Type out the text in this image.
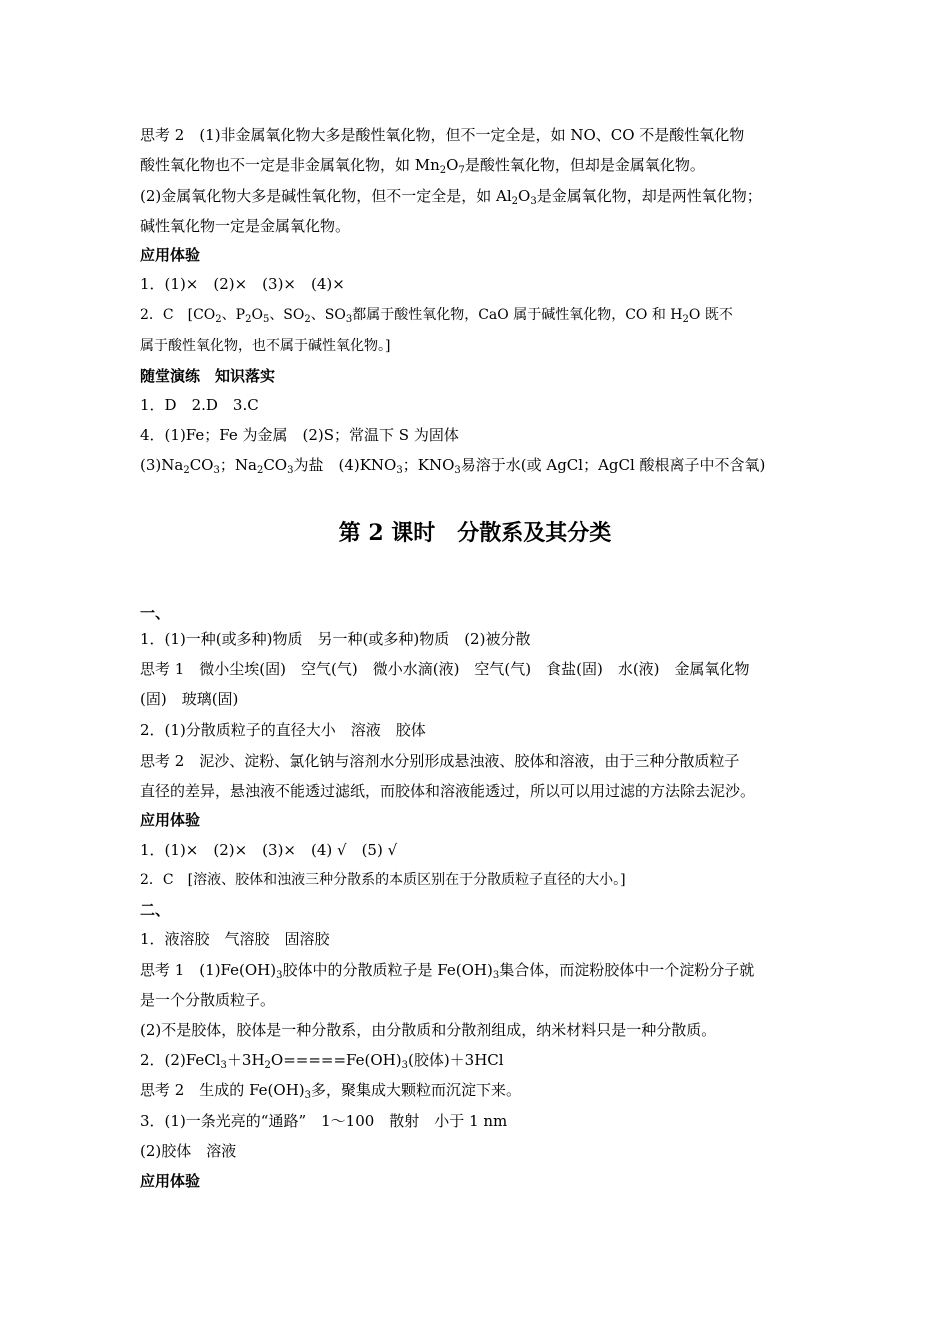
思考 2　(1)非金属氧化物大多是酸性氧化物，但不一定全是，如 NO、CO 不是酸性氧化物
酸性氧化物也不一定是非金属氧化物，如 $Mn_2O_7$是酸性氧化物，但却是金属氧化物。
(2)金属氧化物大多是碱性氧化物，但不一定全是，如 $Al_2O_3$是金属氧化物，却是两性氧化物；
碱性氧化物一定是金属氧化物。
应用体验
1．(1)×　(2)×　(3)×　(4)×
2．C　[$CO_2$、$P_2O_5$、$SO_2$、$SO_3$都属于酸性氧化物，CaO 属于碱性氧化物，CO 和 $H_2O$ 既不
属于酸性氧化物，也不属于碱性氧化物。]
随堂演练　知识落实
1．D　2.D　3.C
4．(1)Fe；Fe 为金属　(2)S；常温下 S 为固体
$(3)Na_2CO_3$；$Na_2CO_3$为盐　$(4)KNO_3$；$KNO_3$易溶于水(或 AgCl；AgCl 酸根离子中不含氧)
第 2 课时　分散系及其分类
一、
1．(1)一种(或多种)物质　另一种(或多种)物质　(2)被分散
思考 1　微小尘埃(固)　空气(气)　微小水滴(液)　空气(气)　食盐(固)　水(液)　金属氧化物
(固)　玻璃(固)
2．(1)分散质粒子的直径大小　溶液　胶体
思考 2　泥沙、淀粉、氯化钠与溶剂水分别形成悬浊液、胶体和溶液，由于三种分散质粒子
直径的差异，悬浊液不能透过滤纸，而胶体和溶液能透过，所以可以用过滤的方法除去泥沙。
应用体验
1．(1)×　(2)×　(3)×　(4) √　(5) √
2．C　[溶液、胶体和浊液三种分散系的本质区别在于分散质粒子直径的大小。]
二、
1．液溶胶　气溶胶　固溶胶
思考 1　$(1)Fe(OH)_3$胶体中的分散质粒子是 $Fe(OH)_3$集合体，而淀粉胶体中一个淀粉分子就
是一个分散质粒子。
(2)不是胶体，胶体是一种分散系，由分散质和分散剂组成，纳米材料只是一种分散质。
2．$(2)FeCl_3+3H_2O=====Fe(OH)_3$(胶体)＋3HCl
思考 2　生成的 $Fe(OH)_3$多，聚集成大颗粒而沉淀下来。
3．(1)一条光亮的“通路”　1～100　散射　小于 1 nm
(2)胶体　溶液
应用体验
